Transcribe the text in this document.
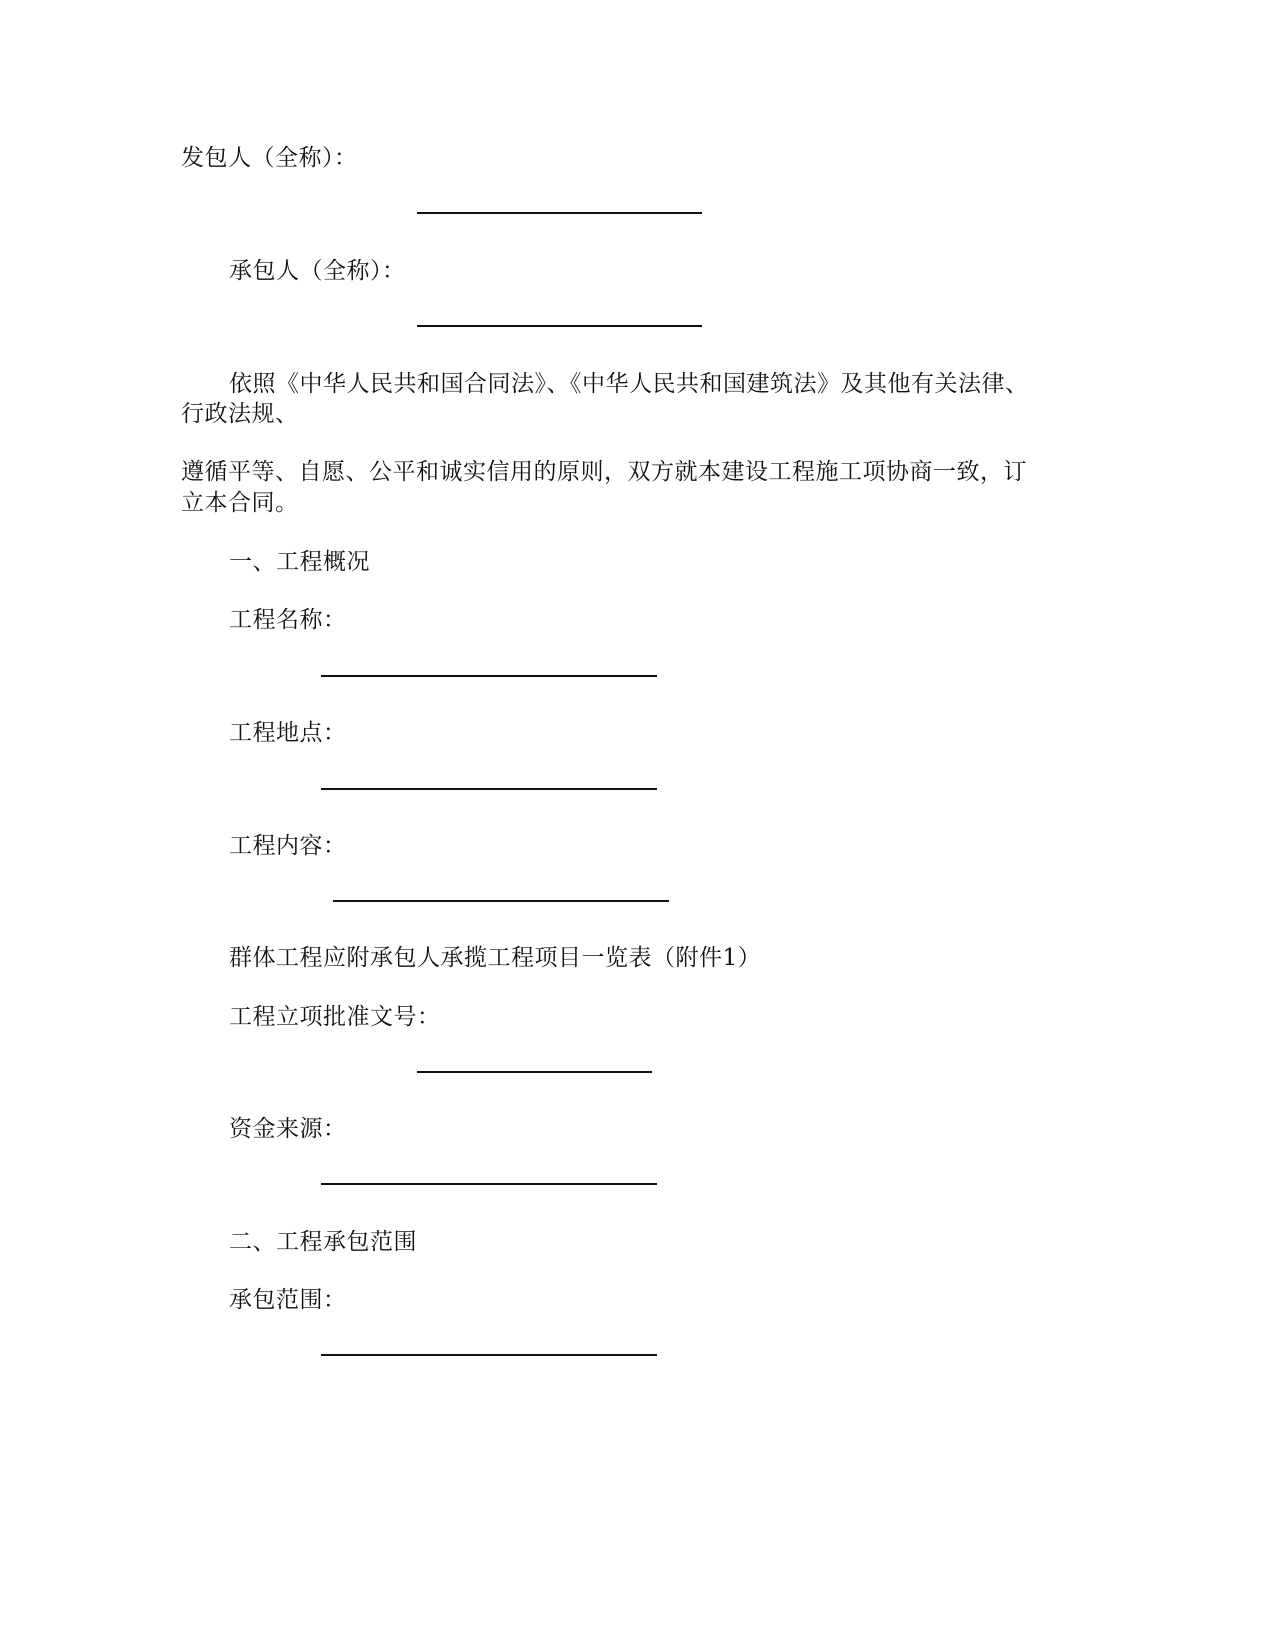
发包人（全称）：
承包人（全称）：
依照《中华人民共和国合同法》、《中华人民共和国建筑法》及其他有关法律、
行政法规、
遵循平等、自愿、公平和诚实信用的原则，双方就本建设工程施工项协商一致，订
立本合同。
一、工程概况
工程名称：
工程地点：
工程内容：
群体工程应附承包人承揽工程项目一览表（附件1）
工程立项批准文号：
资金来源：
二、工程承包范围
承包范围：
